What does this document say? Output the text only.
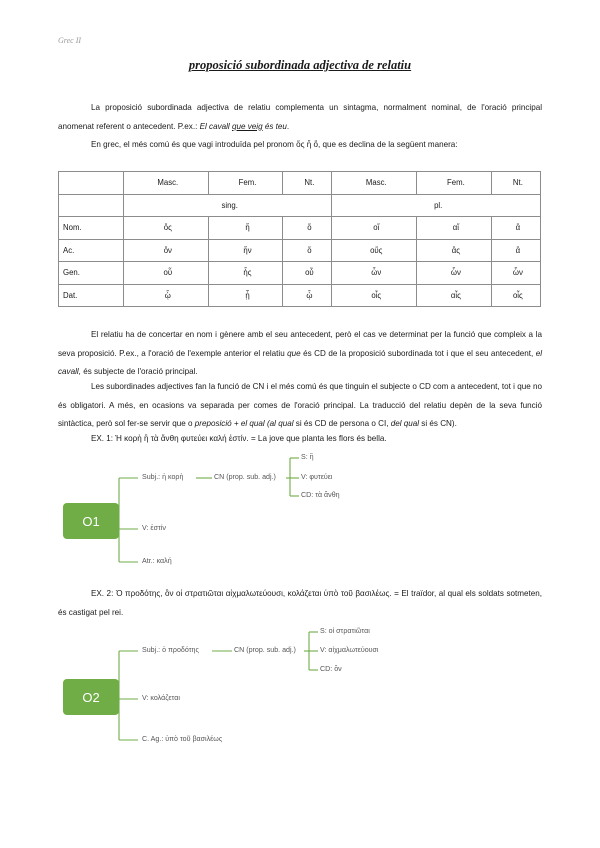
Grec II
proposició subordinada adjectiva de relatiu
La proposició subordinada adjectiva de relatiu complementa un sintagma, normalment nominal, de l'oració principal anomenat referent o antecedent. P.ex.: El cavall que veig és teu.
En grec, el més comú és que vagi introduïda pel pronom ὅς ἥ ὅ, que es declina de la següent manera:
	Masc.	Fem.	Nt.	Masc.	Fem.	Nt.
	sing.			pl.		
Nom.	ὅς	ἥ	ὅ	οἵ	αἵ	ἅ
Ac.	ὅν	ἥν	ὅ	οὕς	ἅς	ἅ
Gen.	οὗ	ἧς	οὗ	ὧν	ὧν	ὧν
Dat.	ᾧ	ᾗ	ᾧ	οἷς	αἷς	οἷς
El relatiu ha de concertar en nom i gènere amb el seu antecedent, però el cas ve determinat per la funció que compleix a la seva proposició. P.ex., a l'oració de l'exemple anterior el relatiu que és CD de la proposició subordinada tot i que el seu antecedent, el cavall, és subjecte de l'oració principal.
Les subordinades adjectives fan la funció de CN i el més comú és que tinguin el subjecte o CD com a antecedent, tot i que no és obligatori. A més, en ocasions va separada per comes de l'oració principal. La traducció del relatiu depèn de la seva funció sintàctica, però sol fer-se servir que o preposició + el qual (al qual si és CD de persona o CI, del qual si és CN).
EX. 1: Ἡ κορὴ ἣ τὰ ἄνθη φυτεύει καλή ἐστίν. = La jove que planta les flors és bella.
O1
Subj.: ἡ κορὴ
V: ἐστίν
Atr.: καλή
CN (prop. sub. adj.)
S: ἣ
V: φυτεύει
CD: τὰ ἄνθη
EX. 2: Ὁ προδότης, ὃν οἱ στρατιῶται αἰχμαλωτεύουσι, κολάζεται ὑπὸ τοῦ βασιλέως. = El traïdor, al qual els soldats sotmeten, és castigat pel rei.
O2
Subj.: ὁ προδότης
V: κολάζεται
C. Ag.: ὑπὸ τοῦ βασιλέως
CN (prop. sub. adj.)
S: οἱ στρατιῶται
V: αἰχμαλωτεύουσι
CD: ὃν
